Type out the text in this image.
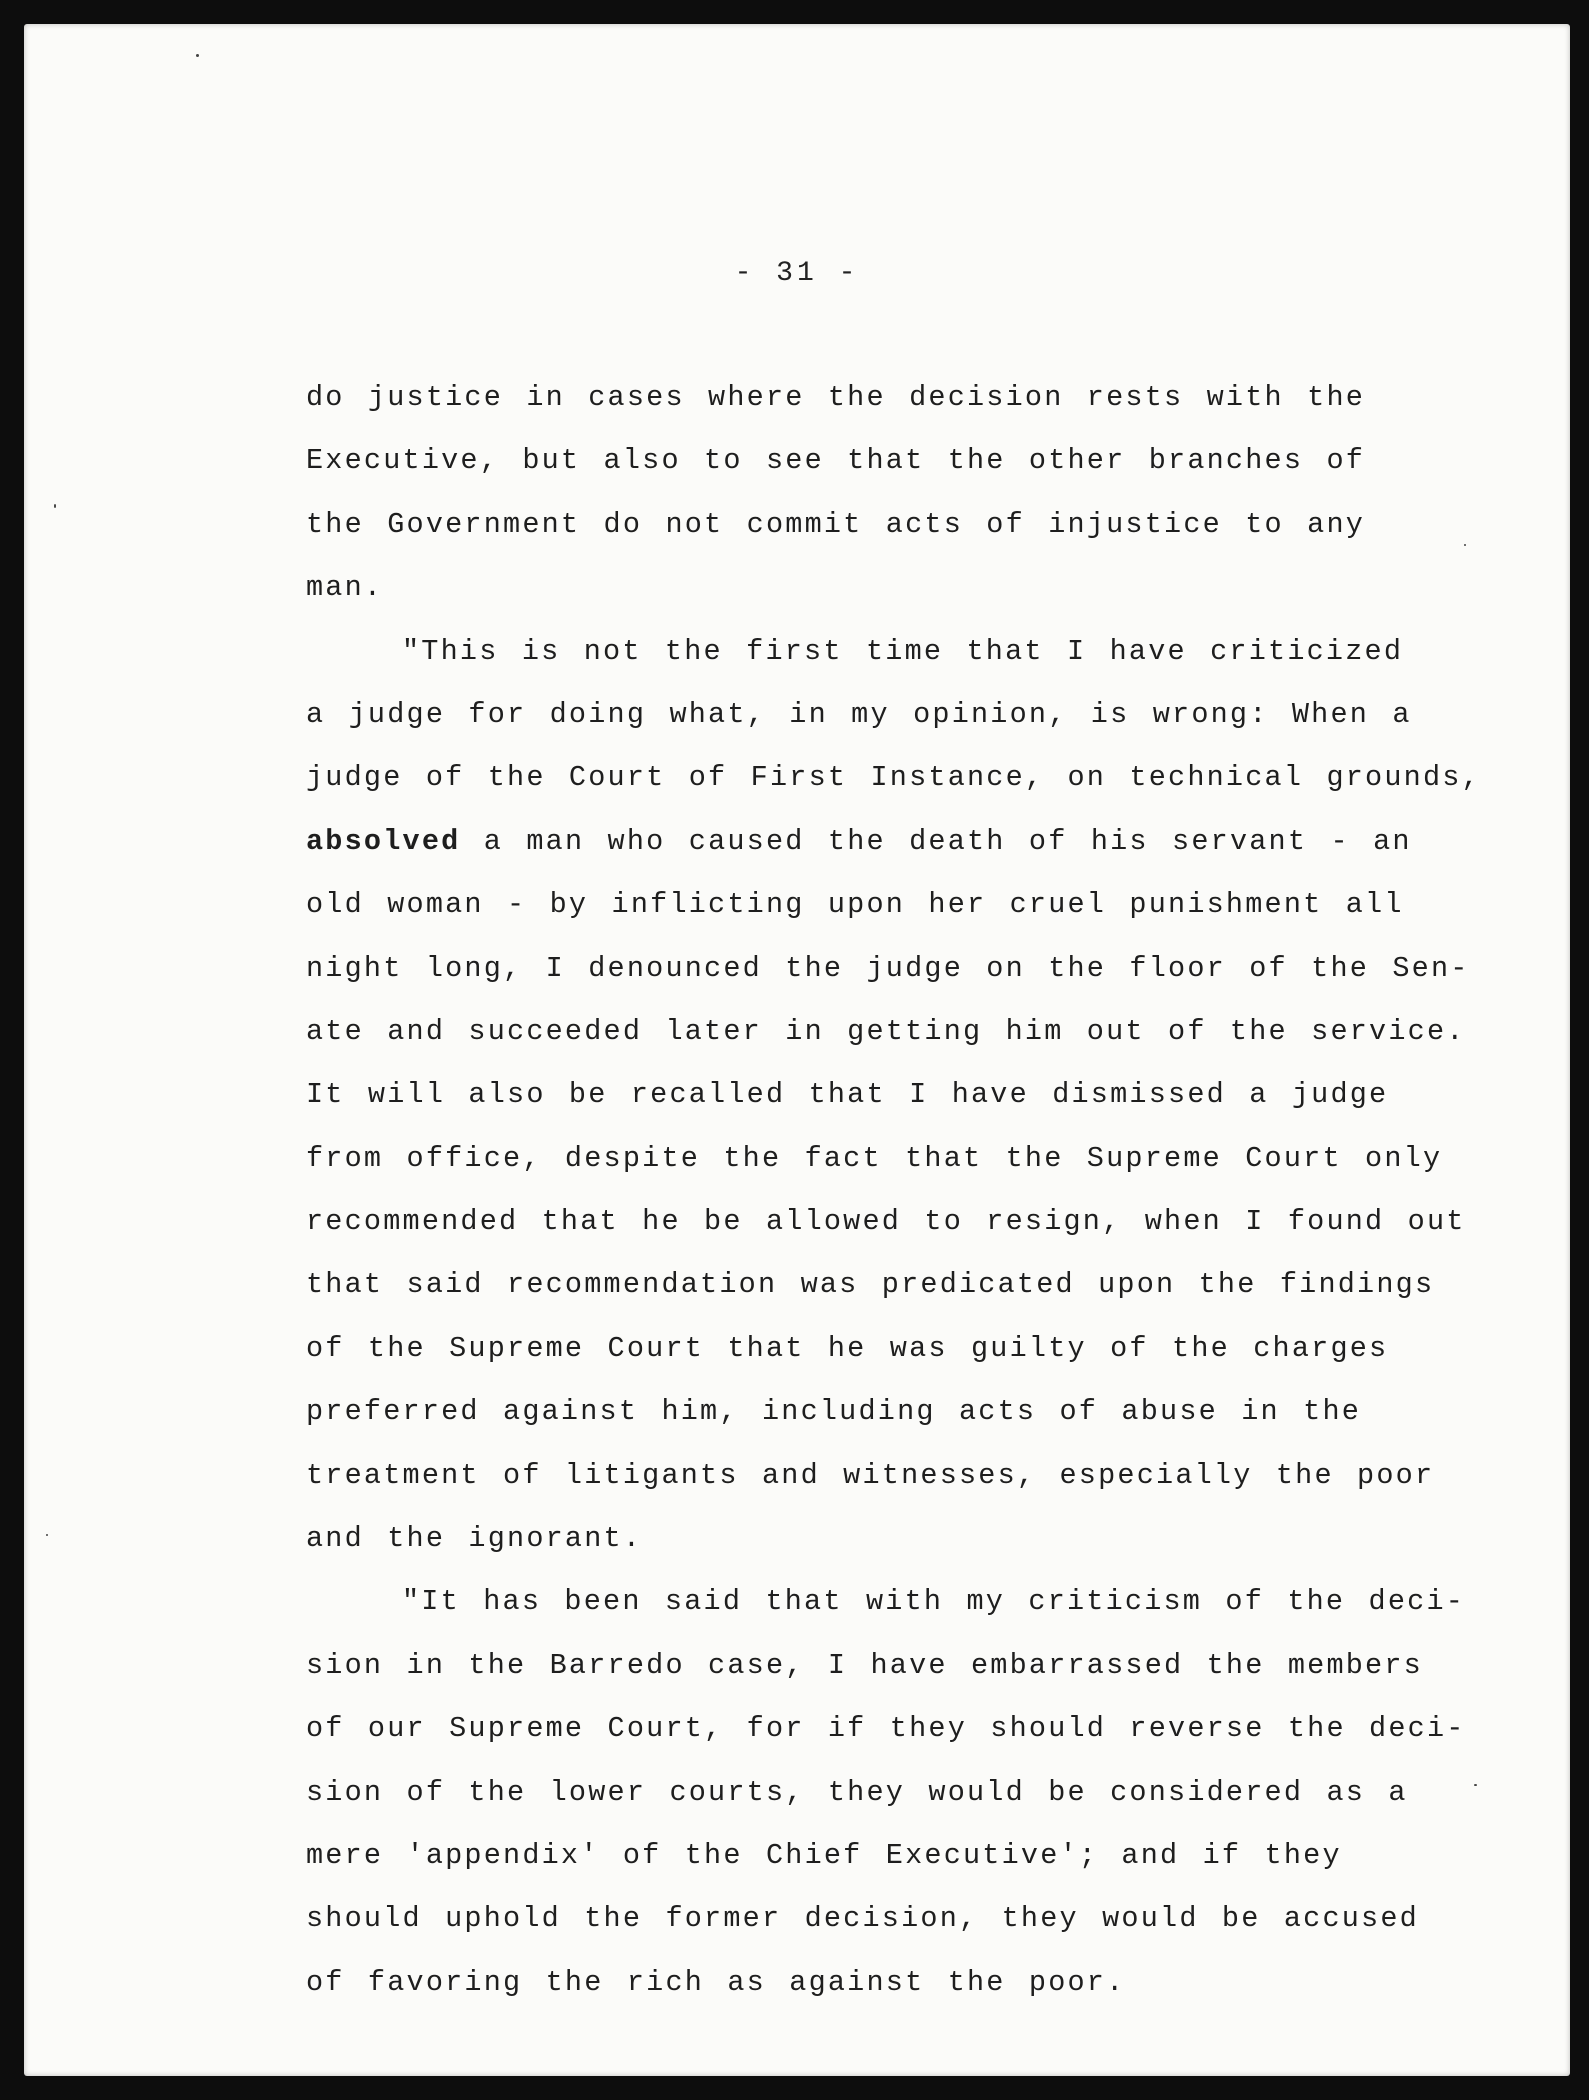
- 31 -
do justice in cases where the decision rests with the
Executive, but also to see that the other branches of
the Government do not commit acts of injustice to any
man.
"This is not the first time that I have criticized
a judge for doing what, in my opinion, is wrong: When a
judge of the Court of First Instance, on technical grounds,
absolved a man who caused the death of his servant - an
old woman - by inflicting upon her cruel punishment all
night long, I denounced the judge on the floor of the Sen-
ate and succeeded later in getting him out of the service.
It will also be recalled that I have dismissed a judge
from office, despite the fact that the Supreme Court only
recommended that he be allowed to resign, when I found out
that said recommendation was predicated upon the findings
of the Supreme Court that he was guilty of the charges
preferred against him, including acts of abuse in the
treatment of litigants and witnesses, especially the poor
and the ignorant.
"It has been said that with my criticism of the deci-
sion in the Barredo case, I have embarrassed the members
of our Supreme Court, for if they should reverse the deci-
sion of the lower courts, they would be considered as a
mere 'appendix' of the Chief Executive'; and if they
should uphold the former decision, they would be accused
of favoring the rich as against the poor.
